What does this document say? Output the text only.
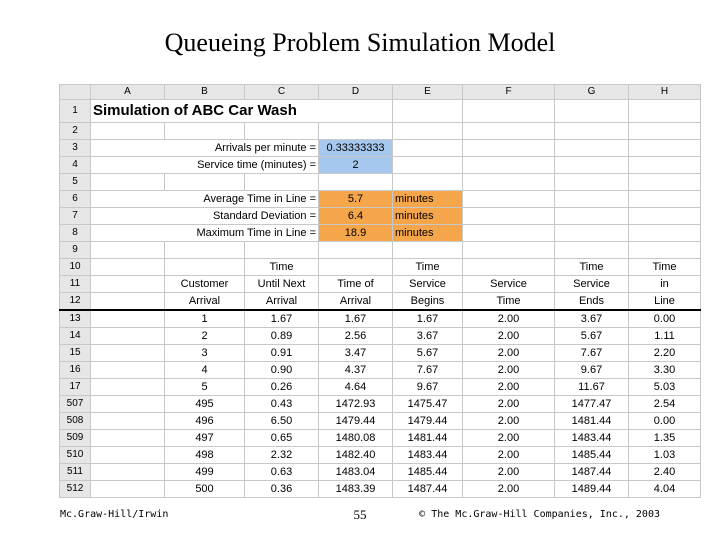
Queueing Problem Simulation Model
	A	B	C	D	E	F	G	H
1	Simulation of ABC Car Wash							
2								
3	Arrivals per minute =			0.33333333				
4	Service time (minutes) =			2				
5								
6	Average Time in Line =			5.7	minutes			
7	Standard Deviation =			6.4	minutes			
8	Maximum Time in Line =			18.9	minutes			
9								
10			Time		Time		Time	Time
11		Customer	Until Next	Time of	Service	Service	Service	in
12		Arrival	Arrival	Arrival	Begins	Time	Ends	Line
13		1	1.67	1.67	1.67	2.00	3.67	0.00
14		2	0.89	2.56	3.67	2.00	5.67	1.11
15		3	0.91	3.47	5.67	2.00	7.67	2.20
16		4	0.90	4.37	7.67	2.00	9.67	3.30
17		5	0.26	4.64	9.67	2.00	11.67	5.03
507		495	0.43	1472.93	1475.47	2.00	1477.47	2.54
508		496	6.50	1479.44	1479.44	2.00	1481.44	0.00
509		497	0.65	1480.08	1481.44	2.00	1483.44	1.35
510		498	2.32	1482.40	1483.44	2.00	1485.44	1.03
511		499	0.63	1483.04	1485.44	2.00	1487.44	2.40
512		500	0.36	1483.39	1487.44	2.00	1489.44	4.04
Mc.Graw-Hill/Irwin	55	© The Mc.Graw-Hill Companies, Inc., 2003
